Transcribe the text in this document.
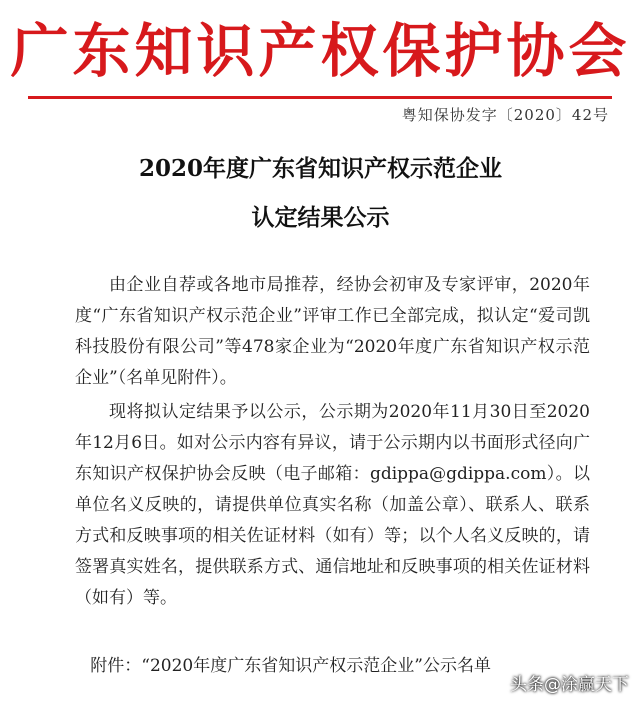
广东知识产权保护协会
粤知保协发字〔2020〕42号
2020年度广东省知识产权示范企业
认定结果公示
由企业自荐或各地市局推荐，经协会初审及专家评审，2020年度“广东省知识产权示范企业”评审工作已全部完成，拟认定“爱司凯科技股份有限公司”等478家企业为“2020年度广东省知识产权示范企业”（名单见附件）。
现将拟认定结果予以公示，公示期为2020年11月30日至2020年12月6日。如对公示内容有异议，请于公示期内以书面形式径向广东知识产权保护协会反映（电子邮箱：gdippa@gdippa.com）。以单位名义反映的，请提供单位真实名称（加盖公章）、联系人、联系方式和反映事项的相关佐证材料（如有）等；以个人名义反映的，请签署真实姓名，提供联系方式、通信地址和反映事项的相关佐证材料（如有）等。
附件：“2020年度广东省知识产权示范企业”公示名单
头条@涂赢天下
